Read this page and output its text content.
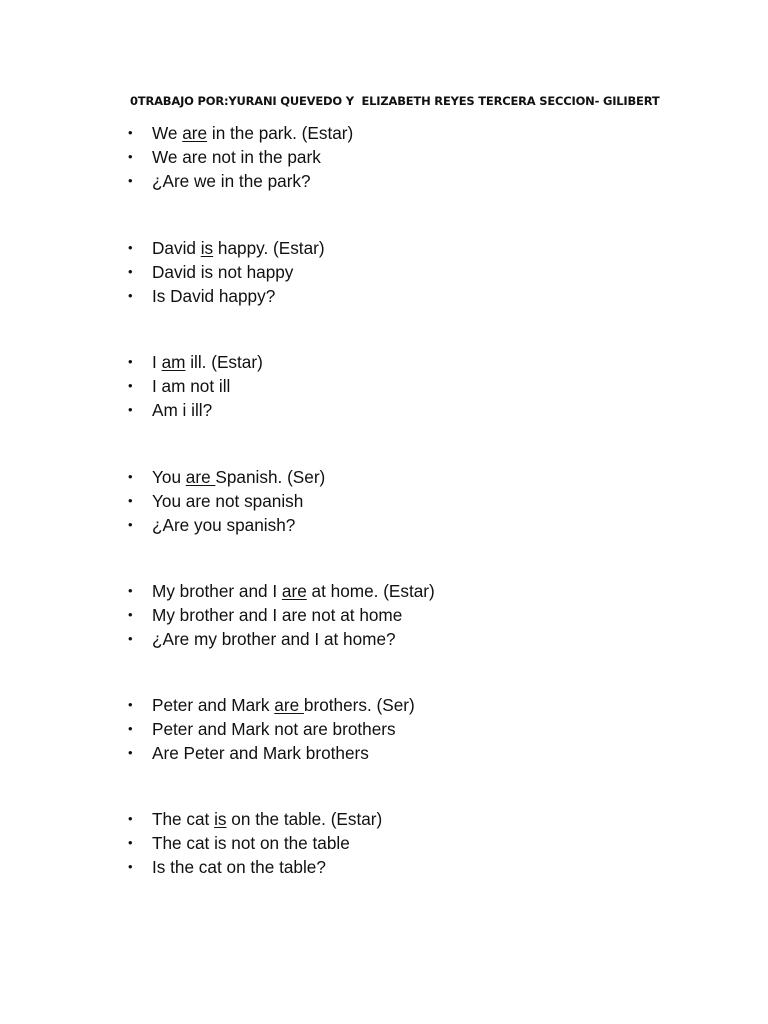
0TRABAJO POR:YURANI QUEVEDO Y  ELIZABETH REYES TERCERA SECCION- GILIBERT

•

	We are in the park. (Estar)

•

	We are not in the park

•

	¿Are we in the park?

•

	David is happy. (Estar)

•

	David is not happy

•

	Is David happy?

•

	I am ill. (Estar)

•

	I am not ill

•

	Am i ill?

•

	You are Spanish. (Ser)

•

	You are not spanish

•

	¿Are you spanish?

•

	My brother and I are at home. (Estar)

•

	My brother and I are not at home

•

	¿Are my brother and I at home?

•

	Peter and Mark are brothers. (Ser)

•

	Peter and Mark not are brothers

•

	Are Peter and Mark brothers

•

	The cat is on the table. (Estar)

•

	The cat is not on the table

•

	Is the cat on the table?
